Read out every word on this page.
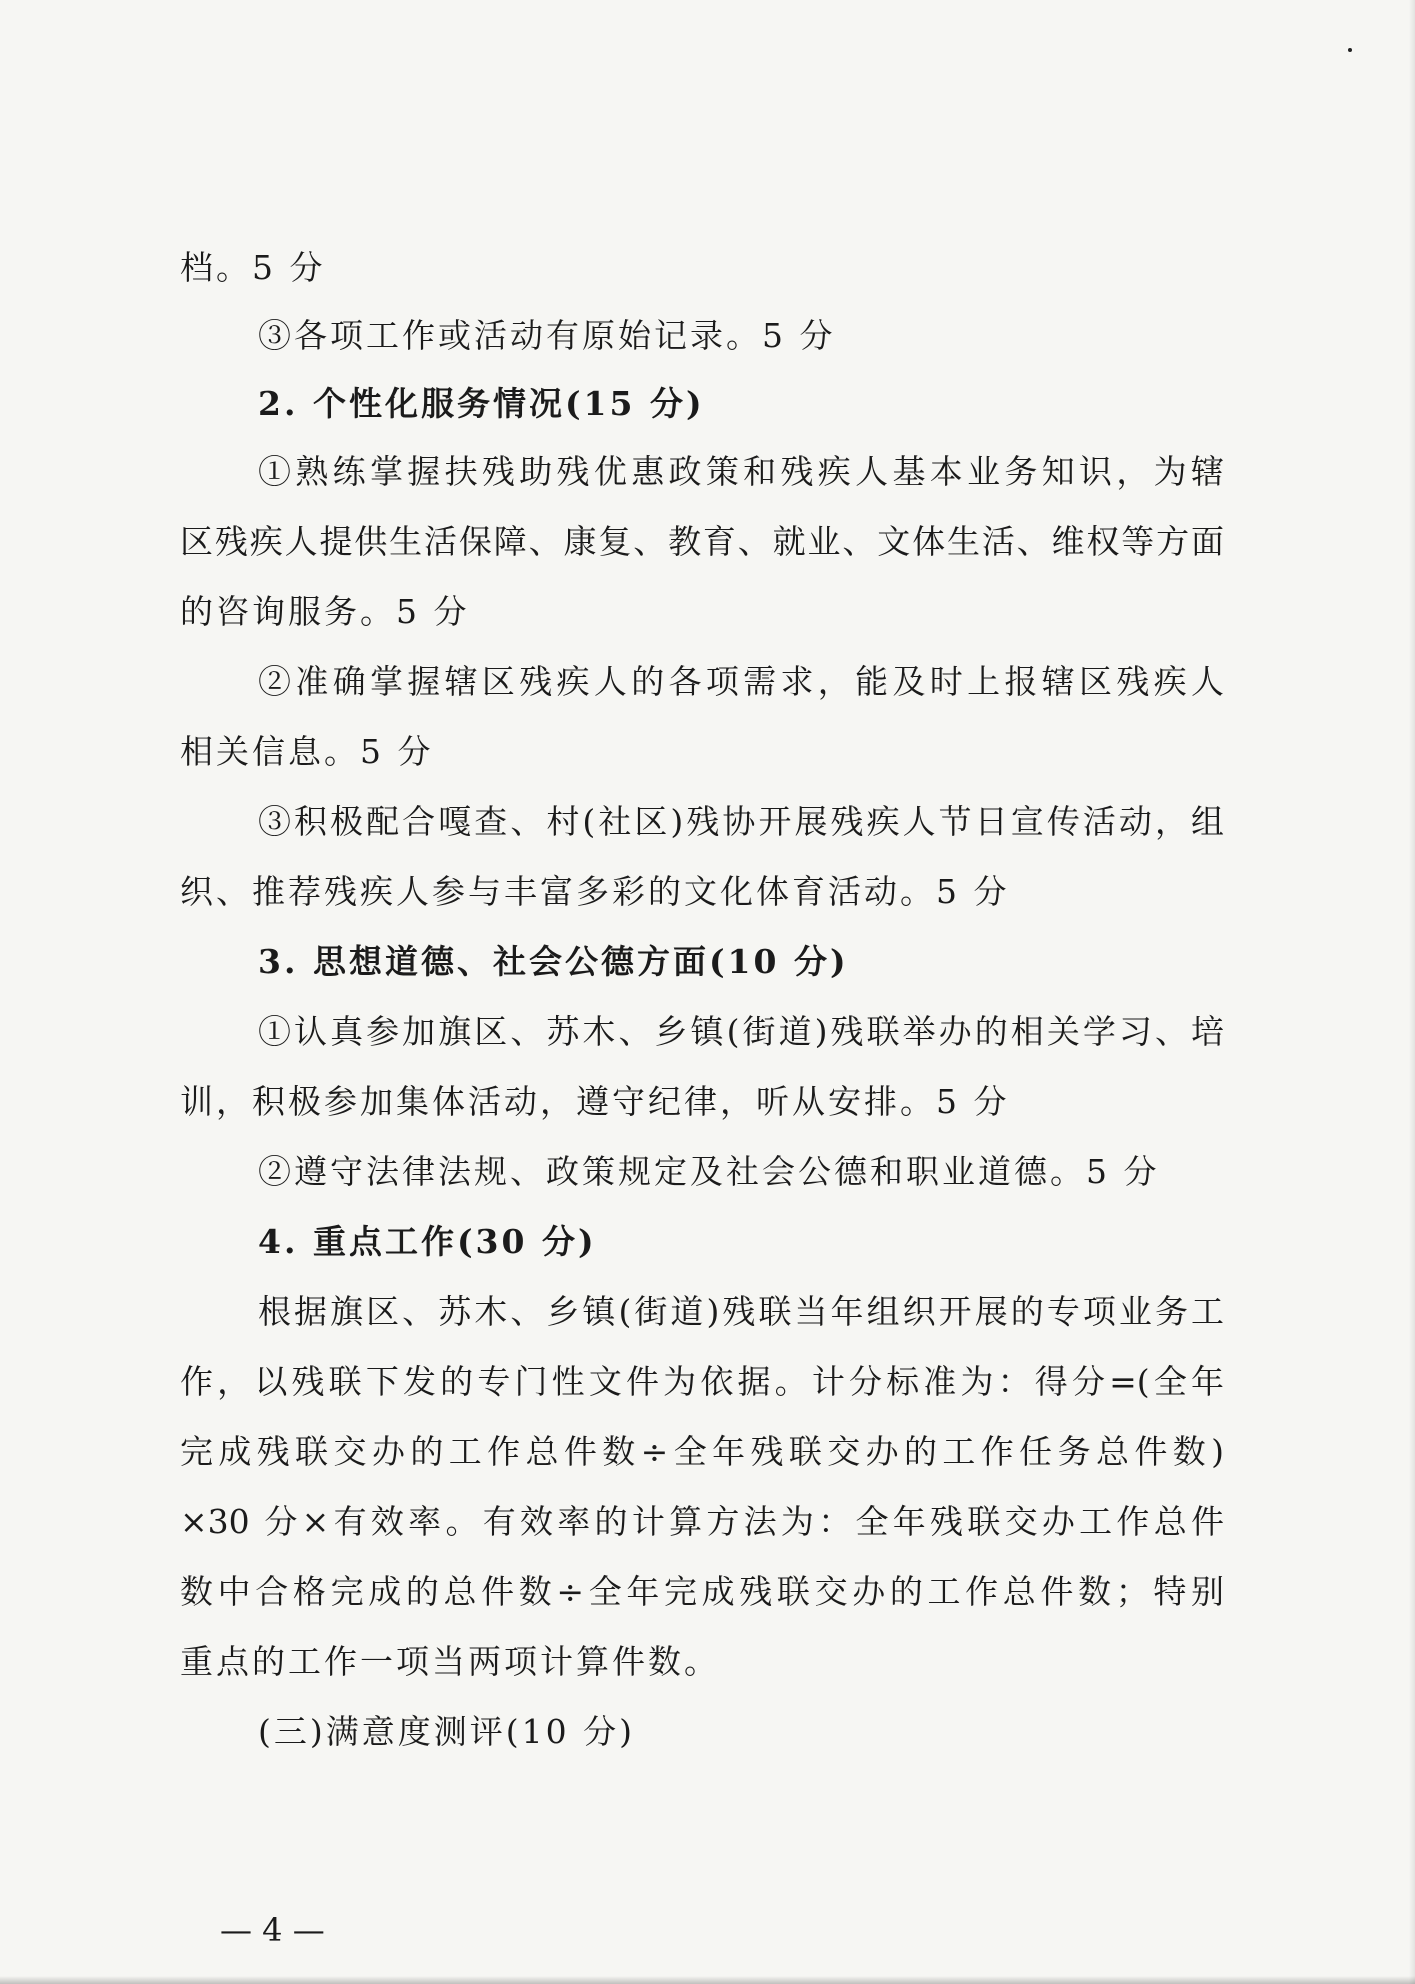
档。5 分
③各项工作或活动有原始记录。5 分
2. 个性化服务情况(15 分)
①熟练掌握扶残助残优惠政策和残疾人基本业务知识，为辖
区残疾人提供生活保障、康复、教育、就业、文体生活、维权等方面
的咨询服务。5 分
②准确掌握辖区残疾人的各项需求，能及时上报辖区残疾人
相关信息。5 分
③积极配合嘎查、村(社区)残协开展残疾人节日宣传活动，组
织、推荐残疾人参与丰富多彩的文化体育活动。5 分
3. 思想道德、社会公德方面(10 分)
①认真参加旗区、苏木、乡镇(街道)残联举办的相关学习、培
训，积极参加集体活动，遵守纪律，听从安排。5 分
②遵守法律法规、政策规定及社会公德和职业道德。5 分
4. 重点工作(30 分)
根据旗区、苏木、乡镇(街道)残联当年组织开展的专项业务工
作，以残联下发的专门性文件为依据。计分标准为：得分=(全年
完成残联交办的工作总件数÷全年残联交办的工作任务总件数)
×30 分×有效率。有效率的计算方法为：全年残联交办工作总件
数中合格完成的总件数÷全年完成残联交办的工作总件数；特别
重点的工作一项当两项计算件数。
(三)满意度测评(10 分)
— 4 —
